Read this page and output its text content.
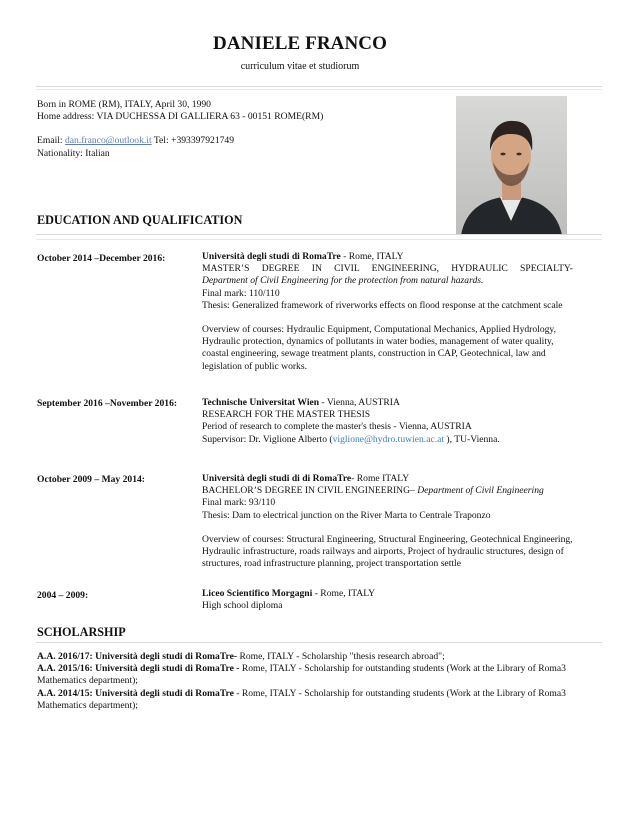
DANIELE FRANCO
curriculum vitae et studiorum

Born in ROME (RM), ITALY, April 30, 1990

Home address: VIA DUCHESSA DI GALLIERA 63 - 00151 ROME(RM)

Email: dan.franco@outlook.it Tel: +393397921749

Nationality: Italian

EDUCATION AND QUALIFICATION
October 2014 –December 2016:	Università degli studi di RomaTre - Rome, ITALY

MASTER’S DEGREE IN CIVIL ENGINEERING, HYDRAULIC SPECIALTY-

Department of Civil Engineering for the protection from natural hazards.

Final mark: 110/110

Thesis: Generalized framework of riverworks effects on flood response at the catchment scale

Overview of courses: Hydraulic Equipment, Computational Mechanics, Applied Hydrology, Hydraulic protection, dynamics of pollutants in water bodies, management of water quality, coastal engineering, sewage treatment plants, construction in CAP, Geotechnical, law and legislation of public works.

September 2016 –November 2016:	Technische Universitat Wien - Vienna, AUSTRIA

RESEARCH FOR THE MASTER THESIS

Period of research to complete the master's thesis - Vienna, AUSTRIA

Supervisor: Dr. Viglione Alberto (viglione@hydro.tuwien.ac.at ), TU-Vienna.

October 2009 – May 2014:	Università degli studi di di RomaTre- Rome ITALY

BACHELOR’S DEGREE IN CIVIL ENGINEERING– Department of Civil Engineering

Final mark: 93/110

Thesis: Dam to electrical junction on the River Marta to Centrale Traponzo

Overview of courses: Structural Engineering, Structural Engineering, Geotechnical Engineering, Hydraulic infrastructure, roads railways and airports, Project of hydraulic structures, design of structures, road infrastructure planning, project transportation settle

2004 – 2009:	Liceo Scientifico Morgagni - Rome, ITALY

High school diploma

SCHOLARSHIP

A.A. 2016/17: Università degli studi di RomaTre- Rome, ITALY - Scholarship "thesis research abroad";

A.A. 2015/16: Università degli studi di RomaTre - Rome, ITALY - Scholarship for outstanding students (Work at the Library of Roma3 Mathematics department);

A.A. 2014/15: Università degli studi di RomaTre - Rome, ITALY - Scholarship for outstanding students (Work at the Library of Roma3 Mathematics department);
